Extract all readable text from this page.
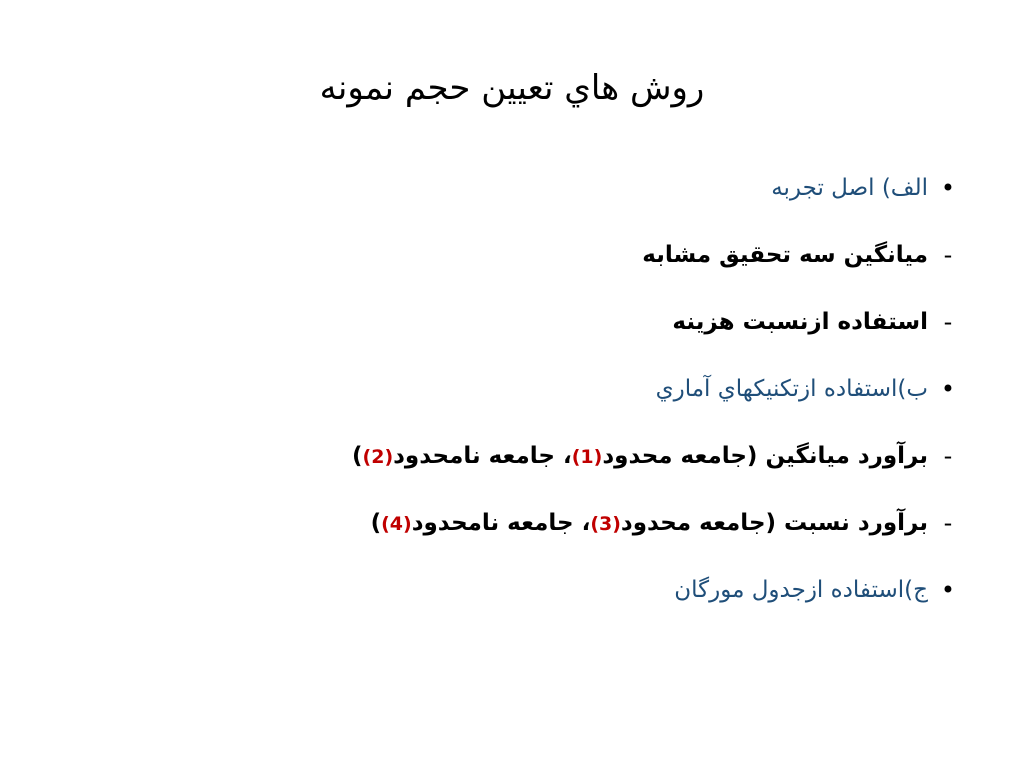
روش هاي تعيين حجم نمونه
•
الف) اصل تجربه
-
ميانگين سه تحقيق مشابه
-
استفاده ازنسبت هزينه
•
ب)استفاده ازتكنيكهاي آماري
-
برآورد ميانگين (جامعه محدود(1)، جامعه نامحدود(2))
-
برآورد نسبت (جامعه محدود(3)، جامعه نامحدود(4))
•
ج)استفاده ازجدول مورگان
